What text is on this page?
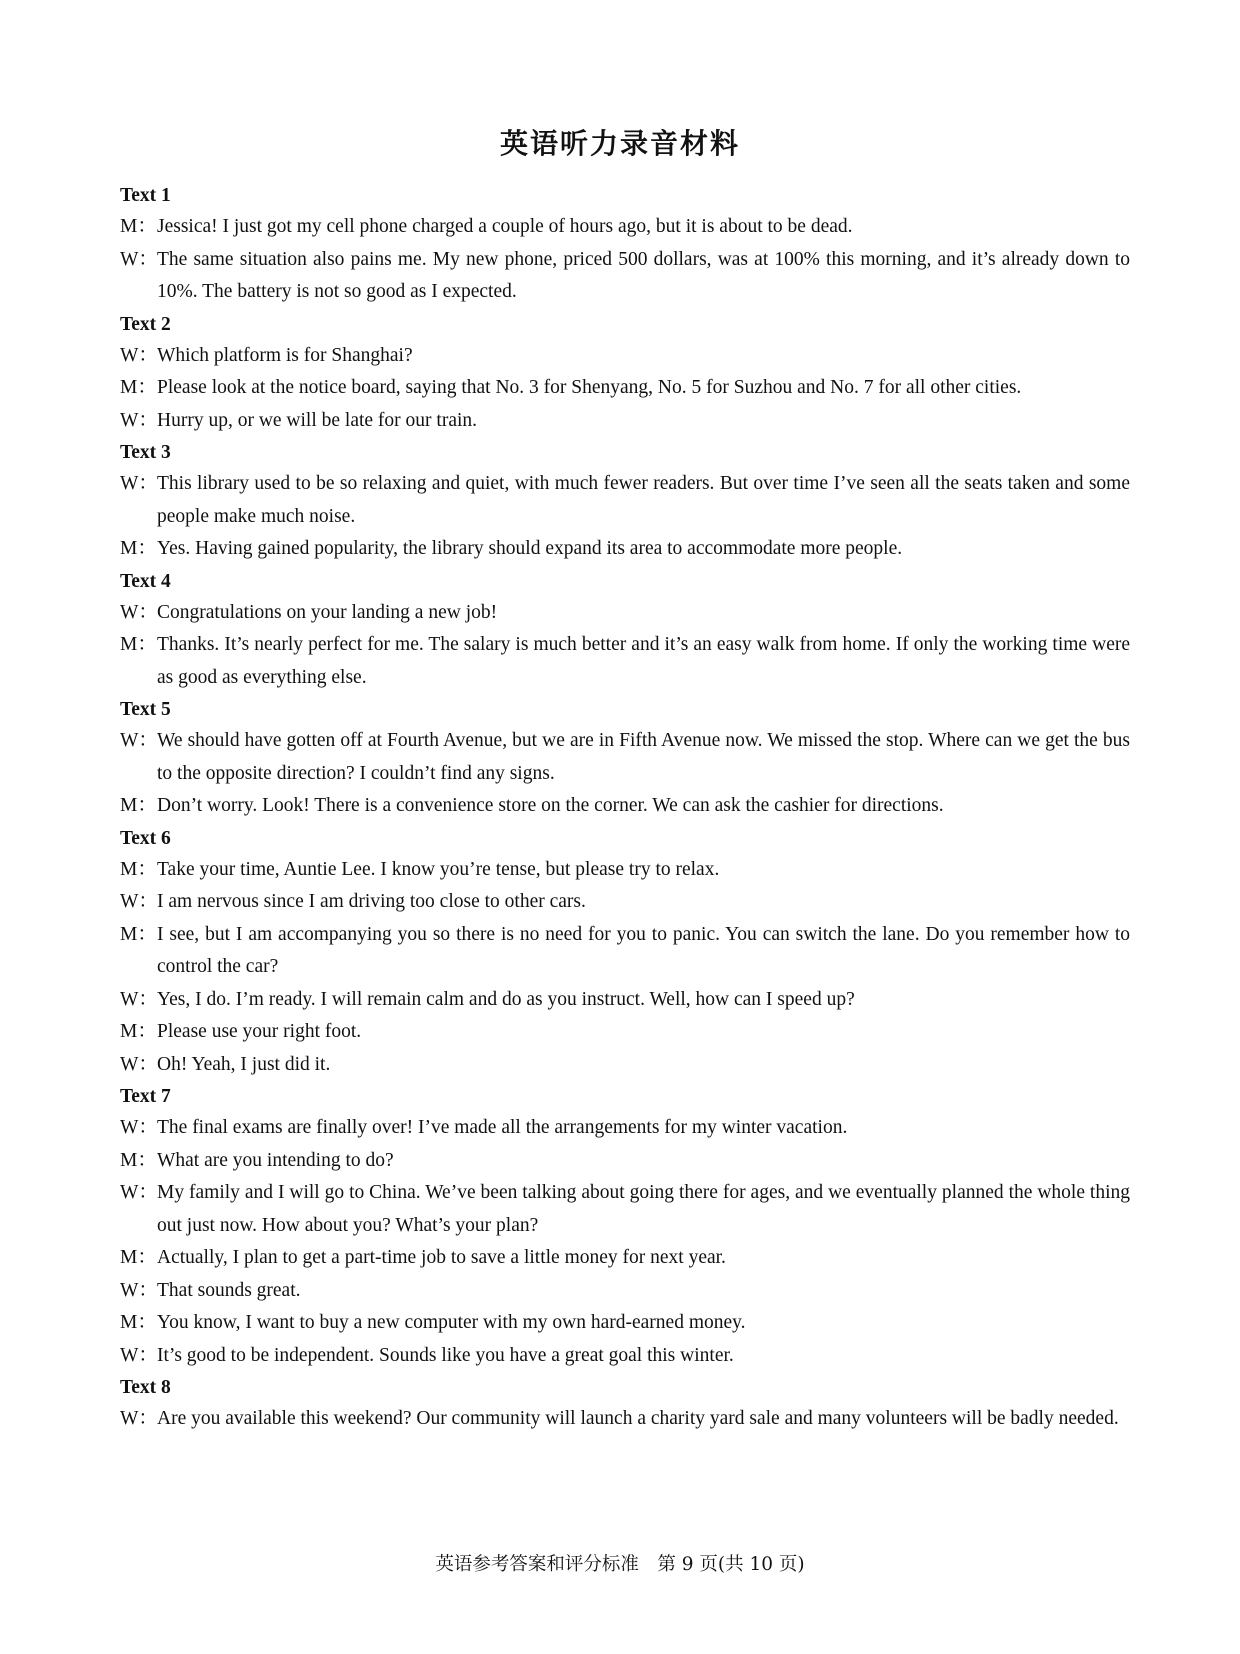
英语听力录音材料
Text 1
M：Jessica! I just got my cell phone charged a couple of hours ago, but it is about to be dead.
W：The same situation also pains me. My new phone, priced 500 dollars, was at 100% this morning, and it’s already down to 10%. The battery is not so good as I expected.
Text 2
W：Which platform is for Shanghai?
M：Please look at the notice board, saying that No. 3 for Shenyang, No. 5 for Suzhou and No. 7 for all other cities.
W：Hurry up, or we will be late for our train.
Text 3
W：This library used to be so relaxing and quiet, with much fewer readers. But over time I’ve seen all the seats taken and some people make much noise.
M：Yes. Having gained popularity, the library should expand its area to accommodate more people.
Text 4
W：Congratulations on your landing a new job!
M：Thanks. It’s nearly perfect for me. The salary is much better and it’s an easy walk from home. If only the working time were as good as everything else.
Text 5
W：We should have gotten off at Fourth Avenue, but we are in Fifth Avenue now. We missed the stop. Where can we get the bus to the opposite direction? I couldn’t find any signs.
M：Don’t worry. Look! There is a convenience store on the corner. We can ask the cashier for directions.
Text 6
M：Take your time, Auntie Lee. I know you’re tense, but please try to relax.
W：I am nervous since I am driving too close to other cars.
M：I see, but I am accompanying you so there is no need for you to panic. You can switch the lane. Do you remember how to control the car?
W：Yes, I do. I’m ready. I will remain calm and do as you instruct. Well, how can I speed up?
M：Please use your right foot.
W：Oh! Yeah, I just did it.
Text 7
W：The final exams are finally over! I’ve made all the arrangements for my winter vacation.
M：What are you intending to do?
W：My family and I will go to China. We’ve been talking about going there for ages, and we eventually planned the whole thing out just now. How about you? What’s your plan?
M：Actually, I plan to get a part-time job to save a little money for next year.
W：That sounds great.
M：You know, I want to buy a new computer with my own hard-earned money.
W：It’s good to be independent. Sounds like you have a great goal this winter.
Text 8
W：Are you available this weekend? Our community will launch a charity yard sale and many volunteers will be badly needed.
英语参考答案和评分标准　第 9 页(共 10 页)
